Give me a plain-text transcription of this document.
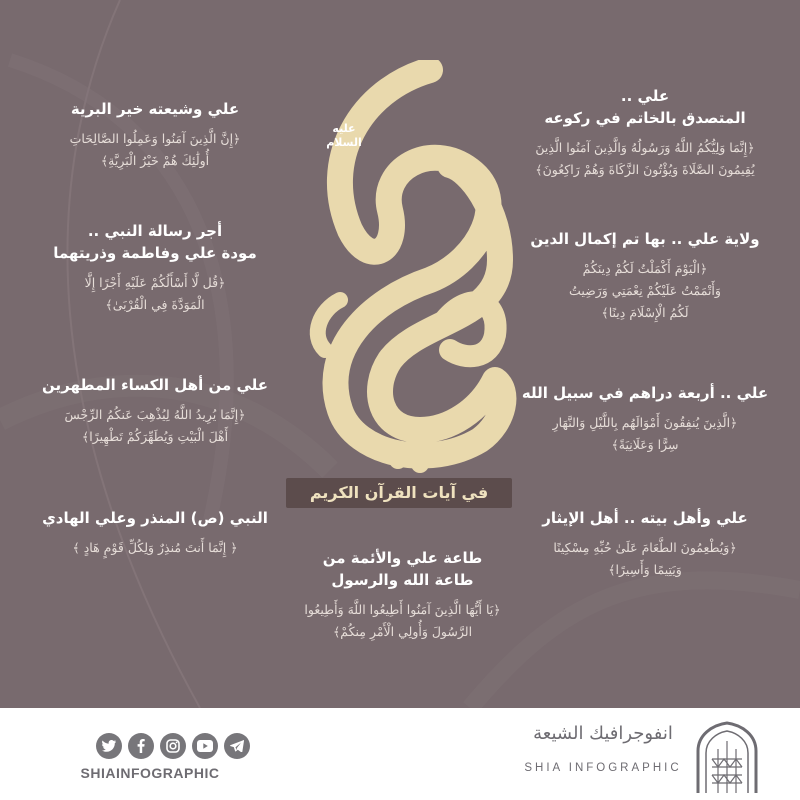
عليه
السلام
في آيات القرآن الكريم
علي ..
المتصدق بالخاتم في ركوعه
﴿إِنَّمَا وَلِيُّكُمُ اللَّهُ وَرَسُولُهُ وَالَّذِينَ آمَنُوا الَّذِينَ
يُقِيمُونَ الصَّلَاةَ وَيُؤْتُونَ الزَّكَاةَ وَهُمْ رَاكِعُونَ﴾
ولاية علي .. بها تم إكمال الدين
﴿الْيَوْمَ أَكْمَلْتُ لَكُمْ دِينَكُمْ
وَأَتْمَمْتُ عَلَيْكُمْ نِعْمَتِي وَرَضِيتُ
لَكُمُ الْإِسْلَامَ دِينًا﴾
علي .. أربعة دراهم في سبيل الله
﴿الَّذِينَ يُنفِقُونَ أَمْوَالَهُم بِاللَّيْلِ وَالنَّهَارِ
سِرًّا وَعَلَانِيَةً﴾
علي وأهل بيته .. أهل الإيثار
﴿وَيُطْعِمُونَ الطَّعَامَ عَلَىٰ حُبِّهِ مِسْكِينًا
وَيَتِيمًا وَأَسِيرًا﴾
طاعة علي والأئمة من
طاعة الله والرسول
﴿يَا أَيُّهَا الَّذِينَ آمَنُوا أَطِيعُوا اللَّهَ وَأَطِيعُوا
الرَّسُولَ وَأُولِي الْأَمْرِ مِنكُمْ﴾
علي وشيعته خير البرية
﴿إِنَّ الَّذِينَ آمَنُوا وَعَمِلُوا الصَّالِحَاتِ
أُولَٰئِكَ هُمْ خَيْرُ الْبَرِيَّةِ﴾
أجر رسالة النبي ..
مودة علي وفاطمة وذريتهما
﴿قُل لَّا أَسْأَلُكُمْ عَلَيْهِ أَجْرًا إِلَّا
الْمَوَدَّةَ فِي الْقُرْبَىٰ﴾
علي من أهل الكساء المطهرين
﴿إِنَّمَا يُرِيدُ اللَّهُ لِيُذْهِبَ عَنكُمُ الرِّجْسَ
أَهْلَ الْبَيْتِ وَيُطَهِّرَكُمْ تَطْهِيرًا﴾
النبي (ص) المنذر وعلي الهادي
﴿ إِنَّمَا أَنتَ مُنذِرٌ وَلِكُلِّ قَوْمٍ هَادٍ ﴾
SHIAINFOGRAPHIC
انفوجرافيك الشيعة
SHIA INFOGRAPHIC
